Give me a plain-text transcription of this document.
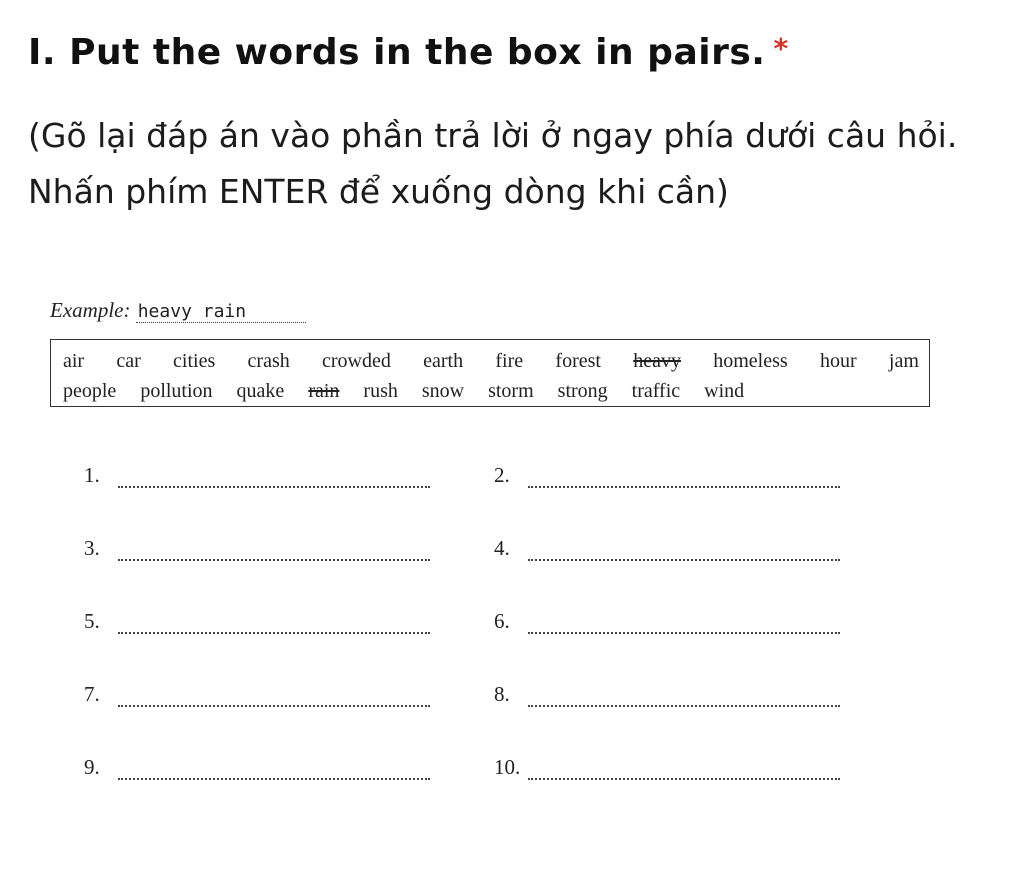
I. Put the words in the box in pairs. *
(Gõ lại đáp án vào phần trả lời ở ngay phía dưới câu hỏi. Nhấn phím ENTER để xuống dòng khi cần)
Example: heavy rain
air car cities crash crowded earth fire forest heavy homeless hour jam
people pollution quake rain rush snow storm strong traffic wind
1.	2.
3.	4.
5.	6.
7.	8.
9.	10.
